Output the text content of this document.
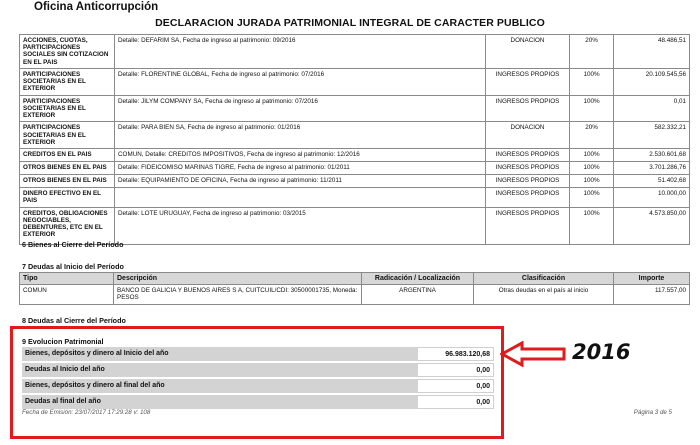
Oficina Anticorrupción
DECLARACION JURADA PATRIMONIAL INTEGRAL DE CARACTER PUBLICO
ACCIONES, CUOTAS, PARTICIPACIONES SOCIALES SIN COTIZACION EN EL PAIS	Detalle: DEFARIM SA, Fecha de ingreso al patrimonio: 09/2016	DONACION	20%	48.486,51
PARTICIPACIONES SOCIETARIAS EN EL EXTERIOR	Detalle: FLORENTINE GLOBAL, Fecha de ingreso al patrimonio: 07/2016	INGRESOS PROPIOS	100%	20.109.545,56
PARTICIPACIONES SOCIETARIAS EN EL EXTERIOR	Detalle: JILYM COMPANY SA, Fecha de ingreso al patrimonio: 07/2016	INGRESOS PROPIOS	100%	0,01
PARTICIPACIONES SOCIETARIAS EN EL EXTERIOR	Detalle: PARA BIEN SA, Fecha de ingreso al patrimonio: 01/2016	DONACION	20%	582.332,21
CREDITOS EN EL PAIS	COMUN, Detalle: CREDITOS IMPOSITIVOS, Fecha de ingreso al patrimonio: 12/2016	INGRESOS PROPIOS	100%	2.530.601,68
OTROS BIENES EN EL PAIS	Detalle: FIDEICOMISO MARINAS TIGRE, Fecha de ingreso al patrimonio: 01/2011	INGRESOS PROPIOS	100%	3.701.286,76
OTROS BIENES EN EL PAIS	Detalle: EQUIPAMIENTO DE OFICINA, Fecha de ingreso al patrimonio: 11/2011	INGRESOS PROPIOS	100%	51.402,68
DINERO EFECTIVO EN EL PAIS		INGRESOS PROPIOS	100%	10.000,00
CREDITOS, OBLIGACIONES NEGOCIABLES, DEBENTURES, ETC EN EL EXTERIOR	Detalle: LOTE URUGUAY, Fecha de ingreso al patrimonio: 03/2015	INGRESOS PROPIOS	100%	4.573.850,00
6 Bienes al Cierre del Período
7 Deudas al Inicio del Período
Tipo	Descripción	Radicación / Localización	Clasificación	Importe
COMUN	BANCO DE GALICIA Y BUENOS AIRES S A, CUITCUIL/CDI: 30500001735, Moneda: PESOS	ARGENTINA	Otras deudas en el país al inicio	117.557,00
8 Deudas al Cierre del Período
9 Evolucion Patrimonial
Bienes, depósitos y dinero al Inicio del año	96.983.120,68
Deudas al Inicio del año	0,00
Bienes, depósitos y dinero al final del año	0,00
Deudas al final del año	0,00
Fecha de Emisión: 23/07/2017 17:29:28 v: 108	Página 3 de 5
2016
